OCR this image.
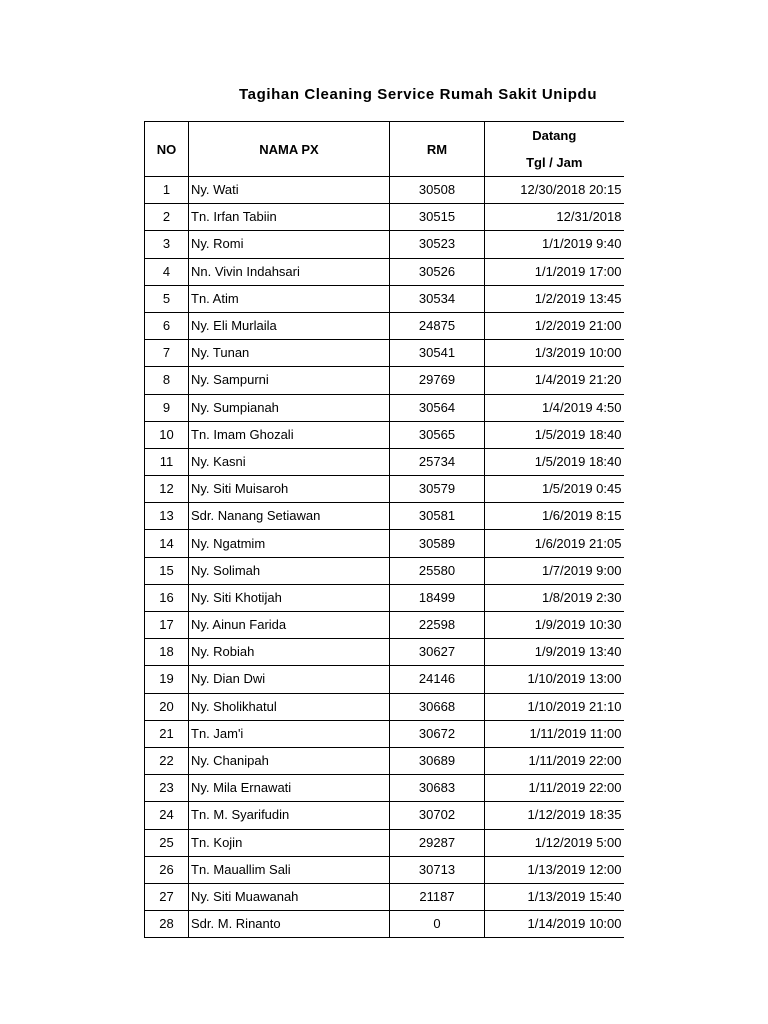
Tagihan Cleaning Service Rumah Sakit Unipdu
NO	NAMA PX	RM	Datang
Tgl / Jam

1	Ny. Wati	30508	12/30/2018 20:15
2	Tn. Irfan Tabiin	30515	12/31/2018
3	Ny. Romi	30523	1/1/2019 9:40
4	Nn. Vivin Indahsari	30526	1/1/2019 17:00
5	Tn. Atim	30534	1/2/2019 13:45
6	Ny. Eli Murlaila	24875	1/2/2019 21:00
7	Ny. Tunan	30541	1/3/2019 10:00
8	Ny. Sampurni	29769	1/4/2019 21:20
9	Ny. Sumpianah	30564	1/4/2019 4:50
10	Tn. Imam Ghozali	30565	1/5/2019 18:40
11	Ny. Kasni	25734	1/5/2019 18:40
12	Ny. Siti Muisaroh	30579	1/5/2019 0:45
13	Sdr. Nanang Setiawan	30581	1/6/2019 8:15
14	Ny. Ngatmim	30589	1/6/2019 21:05
15	Ny. Solimah	25580	1/7/2019 9:00
16	Ny. Siti Khotijah	18499	1/8/2019 2:30
17	Ny. Ainun Farida	22598	1/9/2019 10:30
18	Ny. Robiah	30627	1/9/2019 13:40
19	Ny. Dian Dwi	24146	1/10/2019 13:00
20	Ny. Sholikhatul	30668	1/10/2019 21:10
21	Tn. Jam'i	30672	1/11/2019 11:00
22	Ny. Chanipah	30689	1/11/2019 22:00
23	Ny. Mila Ernawati	30683	1/11/2019 22:00
24	Tn. M. Syarifudin	30702	1/12/2019 18:35
25	Tn. Kojin	29287	1/12/2019 5:00
26	Tn. Mauallim Sali	30713	1/13/2019 12:00
27	Ny. Siti Muawanah	21187	1/13/2019 15:40
28	Sdr. M. Rinanto	0	1/14/2019 10:00
